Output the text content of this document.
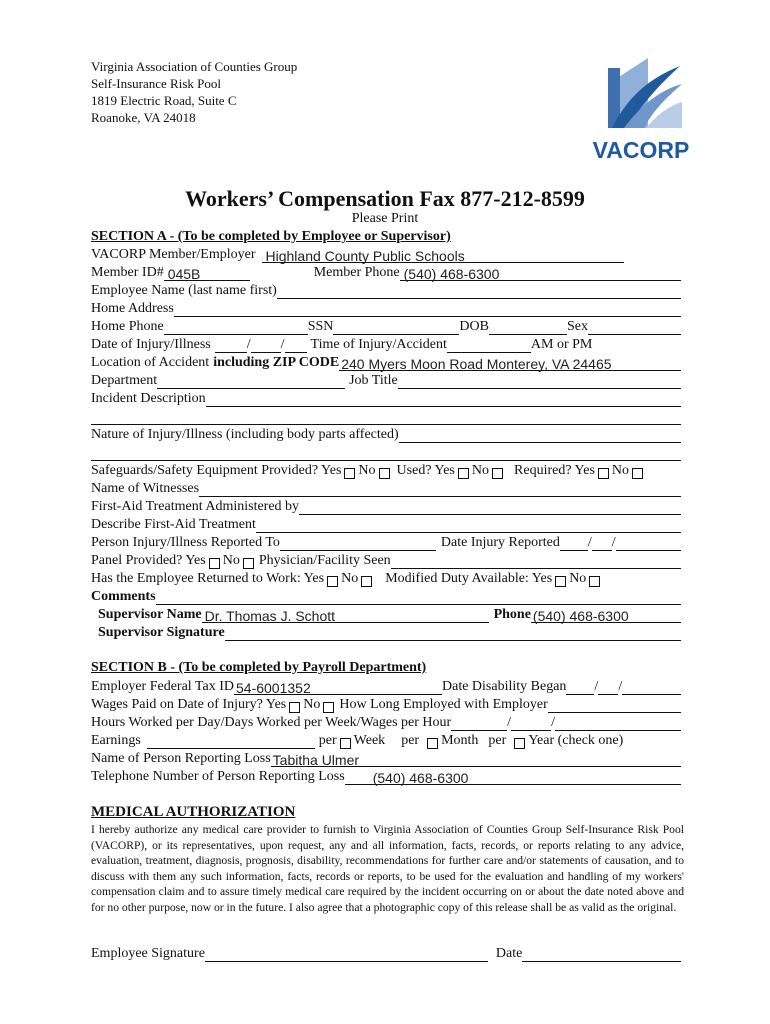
Virginia Association of Counties Group
Self-Insurance Risk Pool
1819 Electric Road, Suite C
Roanoke, VA 24018
VACORP
Workers’ Compensation Fax 877-212-8599
Please Print
SECTION A - (To be completed by Employee or Supervisor)
VACORP Member/Employer Highland County Public Schools
Member ID# 045B	Member Phone (540) 468-6300
Employee Name (last name first)
Home Address
Home Phone	SSN	DOB	Sex
Date of Injury/Illness	/ / Time of Injury/Accident	AM or PM
Location of Accident including ZIP CODE 240 Myers Moon Road Monterey, VA 24465
Department	Job Title
Incident Description
Nature of Injury/Illness (including body parts affected)
Safeguards/Safety Equipment Provided? Yes No Used? Yes No Required? Yes No
Name of Witnesses
First-Aid Treatment Administered by
Describe First-Aid Treatment
Person Injury/Illness Reported To	Date Injury Reported / /
Panel Provided? Yes No Physician/Facility Seen
Has the Employee Returned to Work: Yes No Modified Duty Available: Yes No
Comments
Supervisor Name Dr. Thomas J. Schott	Phone (540) 468-6300
Supervisor Signature
SECTION B - (To be completed by Payroll Department)
Employer Federal Tax ID 54-6001352	Date Disability Began / /
Wages Paid on Date of Injury? Yes No How Long Employed with Employer
Hours Worked per Day/Days Worked per Week/Wages per Hour	/	/
Earnings	per Week per Month per Year (check one)
Name of Person Reporting Loss Tabitha Ulmer
Telephone Number of Person Reporting Loss (540) 468-6300
MEDICAL AUTHORIZATION
I hereby authorize any medical care provider to furnish to Virginia Association of Counties Group Self-Insurance Risk Pool (VACORP), or its representatives, upon request, any and all information, facts, records, or reports relating to any advice, evaluation, treatment, diagnosis, prognosis, disability, recommendations for further care and/or statements of causation, and to discuss with them any such information, facts, records or reports, to be used for the evaluation and handling of my workers' compensation claim and to assure timely medical care required by the incident occurring on or about the date noted above and for no other purpose, now or in the future. I also agree that a photographic copy of this release shall be as valid as the original.
Employee Signature	Date
